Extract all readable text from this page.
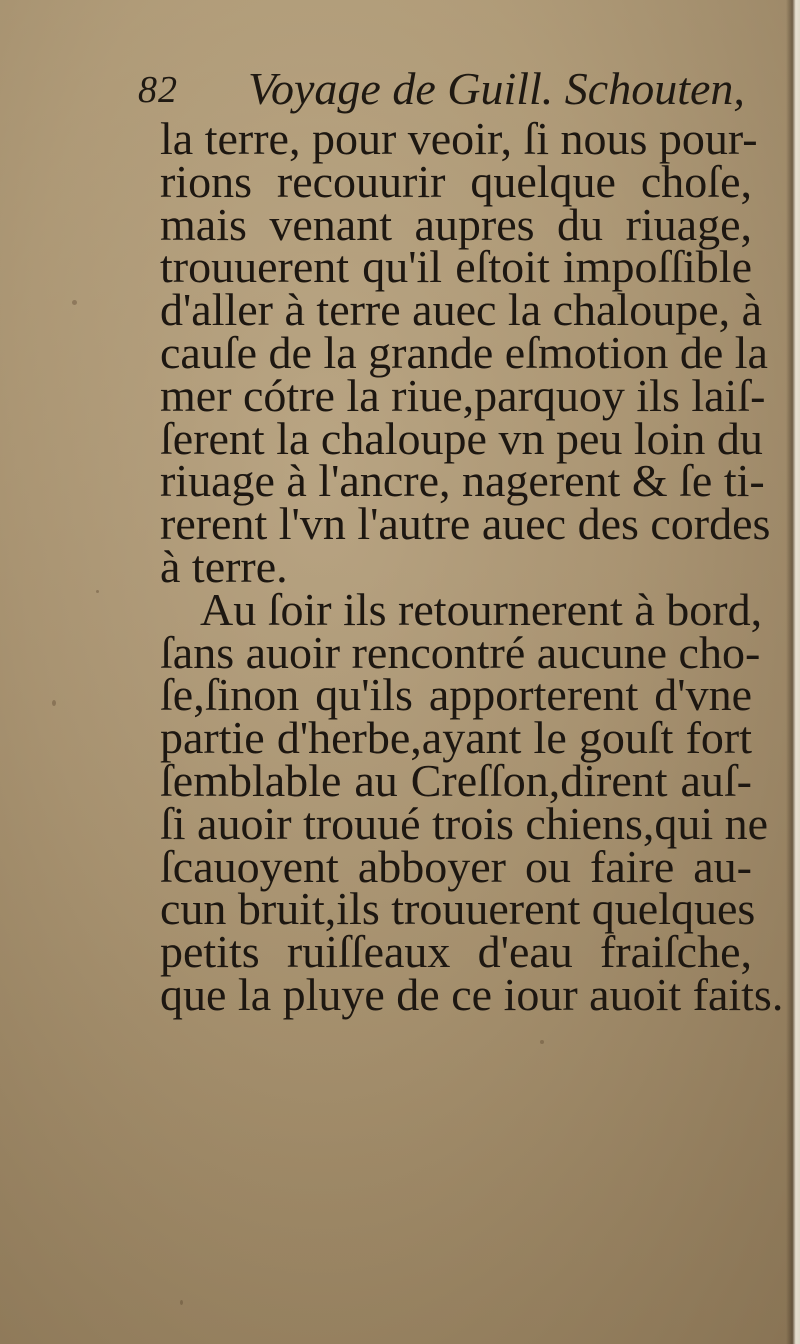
82 Voyage de Guill. Schouten,
la terre, pour veoir, ſi nous pour-
rions recouurir quelque choſe,
mais venant aupres du riuage,
trouuerent qu'il eſtoit impoſſible
d'aller à terre auec la chaloupe, à
cauſe de la grande eſmotion de la
mer cótre la riue,parquoy ils laiſ-
ſerent la chaloupe vn peu loin du
riuage à l'ancre, nagerent & ſe ti-
rerent l'vn l'autre auec des cordes
à terre.
Au ſoir ils retournerent à bord,
ſans auoir rencontré aucune cho-
ſe,ſinon qu'ils apporterent d'vne
partie d'herbe,ayant le gouſt fort
ſemblable au Creſſon,dirent auſ-
ſi auoir trouué trois chiens,qui ne
ſcauoyent abboyer ou faire au-
cun bruit,ils trouuerent quelques
petits ruiſſeaux d'eau fraiſche,
que la pluye de ce iour auoit faits.
